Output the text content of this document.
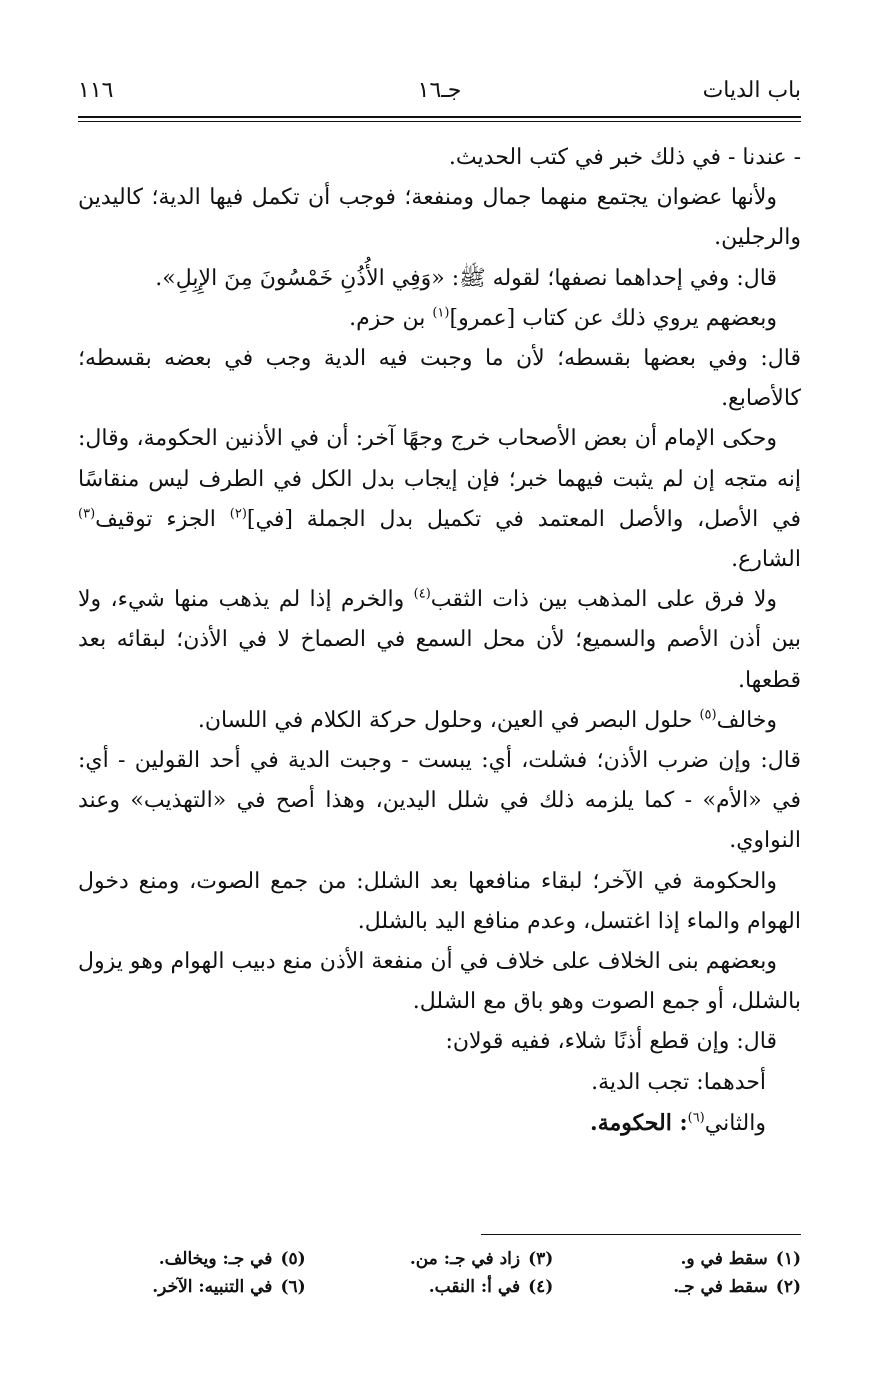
باب الديات
جـ١٦
١١٦

- عندنا - في ذلك خبر في كتب الحديث.

ولأنها عضوان يجتمع منهما جمال ومنفعة؛ فوجب أن تكمل فيها الدية؛ كاليدين والرجلين.

قال: وفي إحداهما نصفها؛ لقوله ﷺ: «وَفِي الأُذُنِ خَمْسُونَ مِنَ الإِبِلِ».

وبعضهم يروي ذلك عن كتاب [عمرو]$^{(١)}$ بن حزم.

قال: وفي بعضها بقسطه؛ لأن ما وجبت فيه الدية وجب في بعضه بقسطه؛ كالأصابع.

وحكى الإمام أن بعض الأصحاب خرج وجهًا آخر: أن في الأذنين الحكومة، وقال: إنه متجه إن لم يثبت فيهما خبر؛ فإن إيجاب بدل الكل في الطرف ليس منقاسًا في الأصل، والأصل المعتمد في تكميل بدل الجملة [في]$^{(٢)}$ الجزء توقيف$^{(٣)}$ الشارع.

ولا فرق على المذهب بين ذات الثقب$^{(٤)}$ والخرم إذا لم يذهب منها شيء، ولا بين أذن الأصم والسميع؛ لأن محل السمع في الصماخ لا في الأذن؛ لبقائه بعد قطعها.

وخالف$^{(٥)}$ حلول البصر في العين، وحلول حركة الكلام في اللسان.

قال: وإن ضرب الأذن؛ فشلت، أي: يبست - وجبت الدية في أحد القولين - أي: في «الأم» - كما يلزمه ذلك في شلل اليدين، وهذا أصح في «التهذيب» وعند النواوي.

والحكومة في الآخر؛ لبقاء منافعها بعد الشلل: من جمع الصوت، ومنع دخول الهوام والماء إذا اغتسل، وعدم منافع اليد بالشلل.

وبعضهم بنى الخلاف على خلاف في أن منفعة الأذن منع دبيب الهوام وهو يزول بالشلل، أو جمع الصوت وهو باق مع الشلل.

قال: وإن قطع أذنًا شلاء، ففيه قولان:

أحدهما: تجب الدية.

والثاني$^{(٦)}$: الحكومة.

(١)سقط في و.
(٢)سقط في جـ.
(٣)زاد في جـ: من.
(٤)في أ: النقب.
(٥)في جـ: ويخالف.
(٦)في التنبيه: الآخر.
